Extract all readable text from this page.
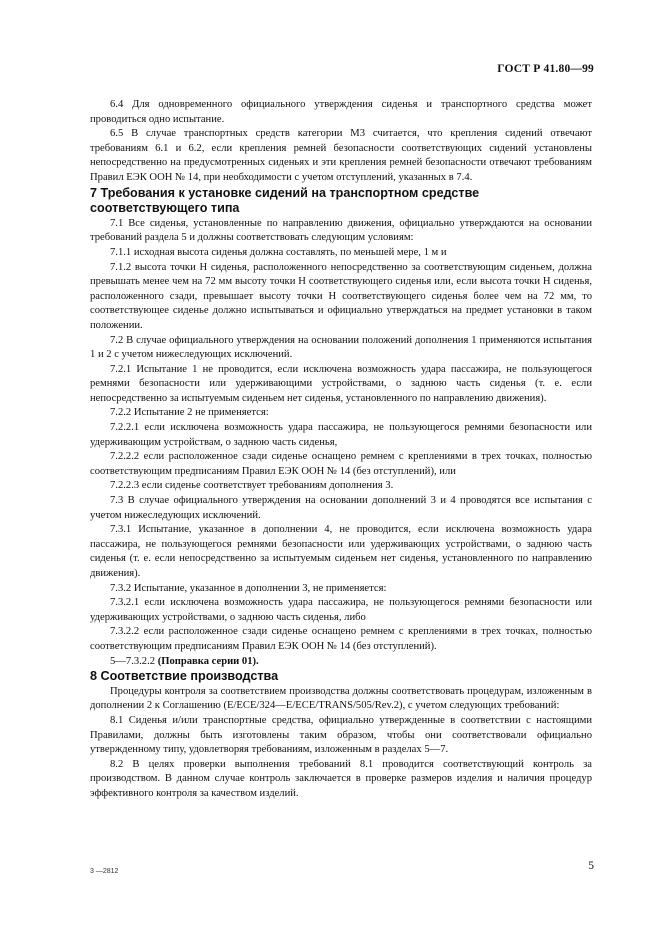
ГОСТ Р 41.80—99

6.4 Для одновременного официального утверждения сиденья и транспортного средства может проводиться одно испытание.

6.5 В случае транспортных средств категории М3 считается, что крепления сидений отвечают требованиям 6.1 и 6.2, если крепления ремней безопасности соответствующих сидений установлены непосредственно на предусмотренных сиденьях и эти крепления ремней безопасности отвечают требованиям Правил ЕЭК ООН № 14, при необходимости с учетом отступлений, указанных в 7.4.

7 Требования к установке сидений на транспортном средстве соответствующего типа

7.1 Все сиденья, установленные по направлению движения, официально утверждаются на основании требований раздела 5 и должны соответствовать следующим условиям:

7.1.1 исходная высота сиденья должна составлять, по меньшей мере, 1 м и

7.1.2 высота точки Н сиденья, расположенного непосредственно за соответствующим сиденьем, должна превышать менее чем на 72 мм высоту точки Н соответствующего сиденья или, если высота точки Н сиденья, расположенного сзади, превышает высоту точки Н соответствующего сиденья более чем на 72 мм, то соответствующее сиденье должно испытываться и официально утверждаться на предмет установки в таком положении.

7.2 В случае официального утверждения на основании положений дополнения 1 применяются испытания 1 и 2 с учетом нижеследующих исключений.

7.2.1 Испытание 1 не проводится, если исключена возможность удара пассажира, не пользующегося ремнями безопасности или удерживающими устройствами, о заднюю часть сиденья (т. е. если непосредственно за испытуемым сиденьем нет сиденья, установленного по направлению движения).

7.2.2 Испытание 2 не применяется:

7.2.2.1 если исключена возможность удара пассажира, не пользующегося ремнями безопасности или удерживающим устройствам, о заднюю часть сиденья,

7.2.2.2 если расположенное сзади сиденье оснащено ремнем с креплениями в трех точках, полностью соответствующим предписаниям Правил ЕЭК ООН № 14 (без отступлений), или

7.2.2.3 если сиденье соответствует требованиям дополнения 3.

7.3 В случае официального утверждения на основании дополнений 3 и 4 проводятся все испытания с учетом нижеследующих исключений.

7.3.1 Испытание, указанное в дополнении 4, не проводится, если исключена возможность удара пассажира, не пользующегося ремнями безопасности или удерживающих устройствами, о заднюю часть сиденья (т. е. если непосредственно за испытуемым сиденьем нет сиденья, установленного по направлению движения).

7.3.2 Испытание, указанное в дополнении 3, не применяется:

7.3.2.1 если исключена возможность удара пассажира, не пользующегося ремнями безопасности или удерживающих устройствами, о заднюю часть сиденья, либо

7.3.2.2 если расположенное сзади сиденье оснащено ремнем с креплениями в трех точках, полностью соответствующим предписаниям Правил ЕЭК ООН № 14 (без отступлений).

5—7.3.2.2 (Поправка серии 01).

8 Соответствие производства

Процедуры контроля за соответствием производства должны соответствовать процедурам, изложенным в дополнении 2 к Соглашению (E/ECE/324—E/ECE/TRANS/505/Rev.2), с учетом следующих требований:

8.1 Сиденья и/или транспортные средства, официально утвержденные в соответствии с настоящими Правилами, должны быть изготовлены таким образом, чтобы они соответствовали официально утвержденному типу, удовлетворяя требованиям, изложенным в разделах 5—7.

8.2 В целях проверки выполнения требований 8.1 проводится соответствующий контроль за производством. В данном случае контроль заключается в проверке размеров изделия и наличия процедур эффективного контроля за качеством изделий.

3 —2812	5
